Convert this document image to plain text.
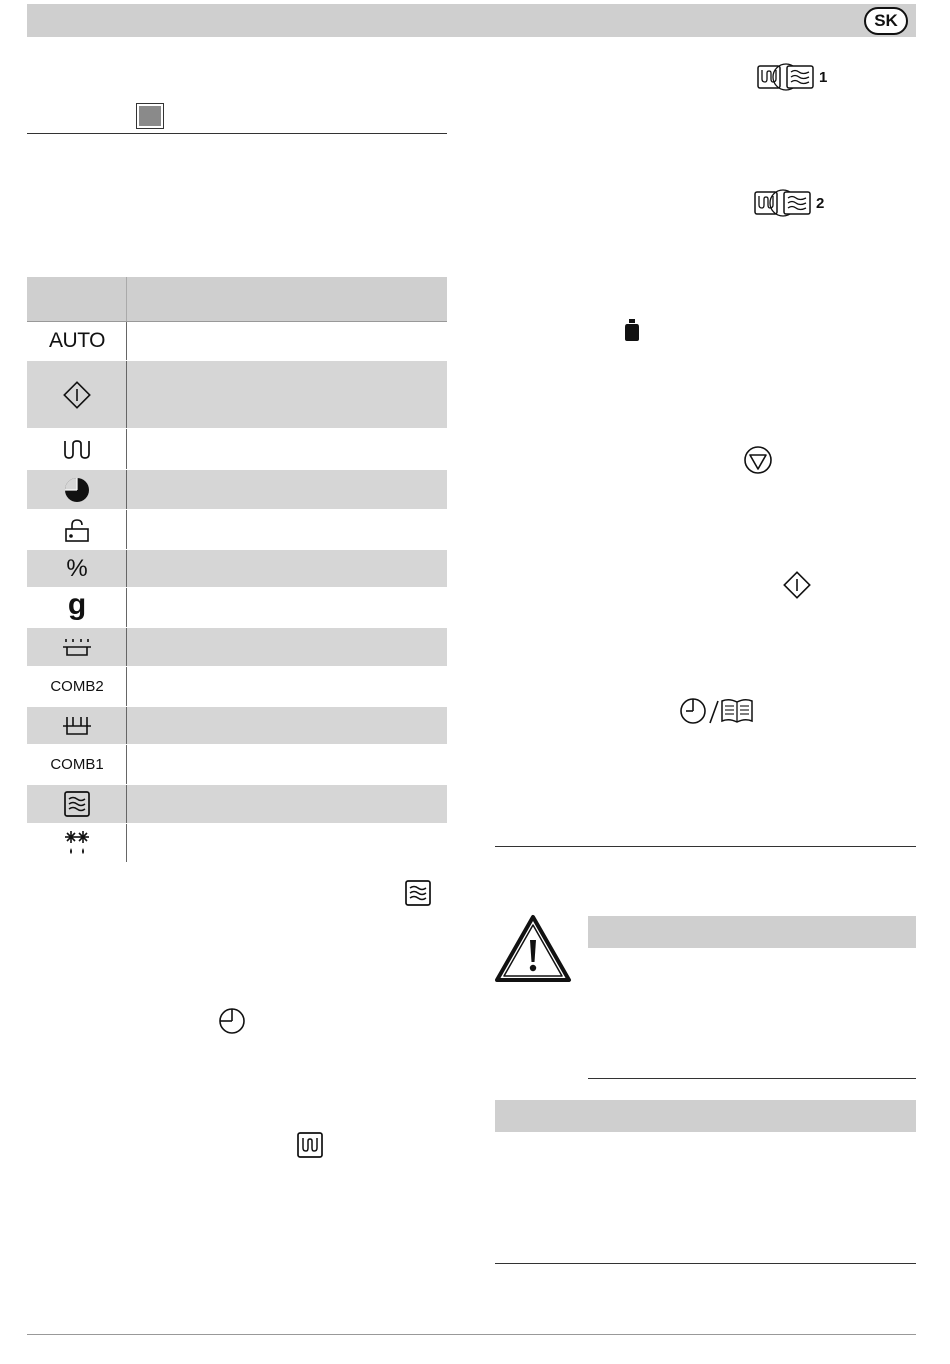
SK
AUTO
%
g
COMB2
COMB1
1
2
